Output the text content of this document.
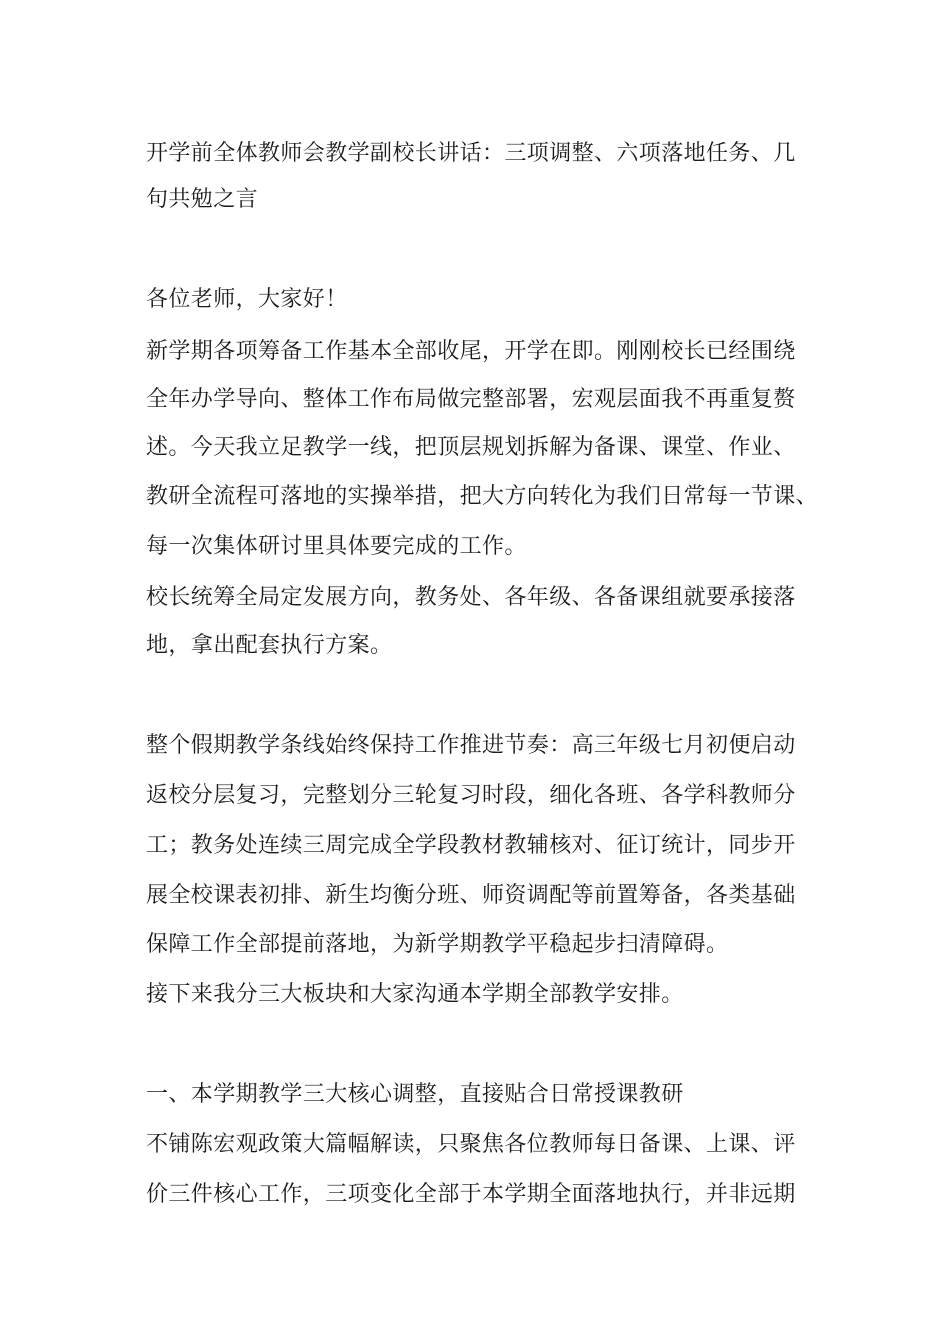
开学前全体教师会教学副校长讲话：三项调整、六项落地任务、几
句共勉之言
各位老师，大家好！
新学期各项筹备工作基本全部收尾，开学在即。刚刚校长已经围绕
全年办学导向、整体工作布局做完整部署，宏观层面我不再重复赘
述。今天我立足教学一线，把顶层规划拆解为备课、课堂、作业、
教研全流程可落地的实操举措，把大方向转化为我们日常每一节课、
每一次集体研讨里具体要完成的工作。
校长统筹全局定发展方向，教务处、各年级、各备课组就要承接落
地，拿出配套执行方案。
整个假期教学条线始终保持工作推进节奏：高三年级七月初便启动
返校分层复习，完整划分三轮复习时段，细化各班、各学科教师分
工；教务处连续三周完成全学段教材教辅核对、征订统计，同步开
展全校课表初排、新生均衡分班、师资调配等前置筹备，各类基础
保障工作全部提前落地，为新学期教学平稳起步扫清障碍。
接下来我分三大板块和大家沟通本学期全部教学安排。
一、本学期教学三大核心调整，直接贴合日常授课教研
不铺陈宏观政策大篇幅解读，只聚焦各位教师每日备课、上课、评
价三件核心工作，三项变化全部于本学期全面落地执行，并非远期
